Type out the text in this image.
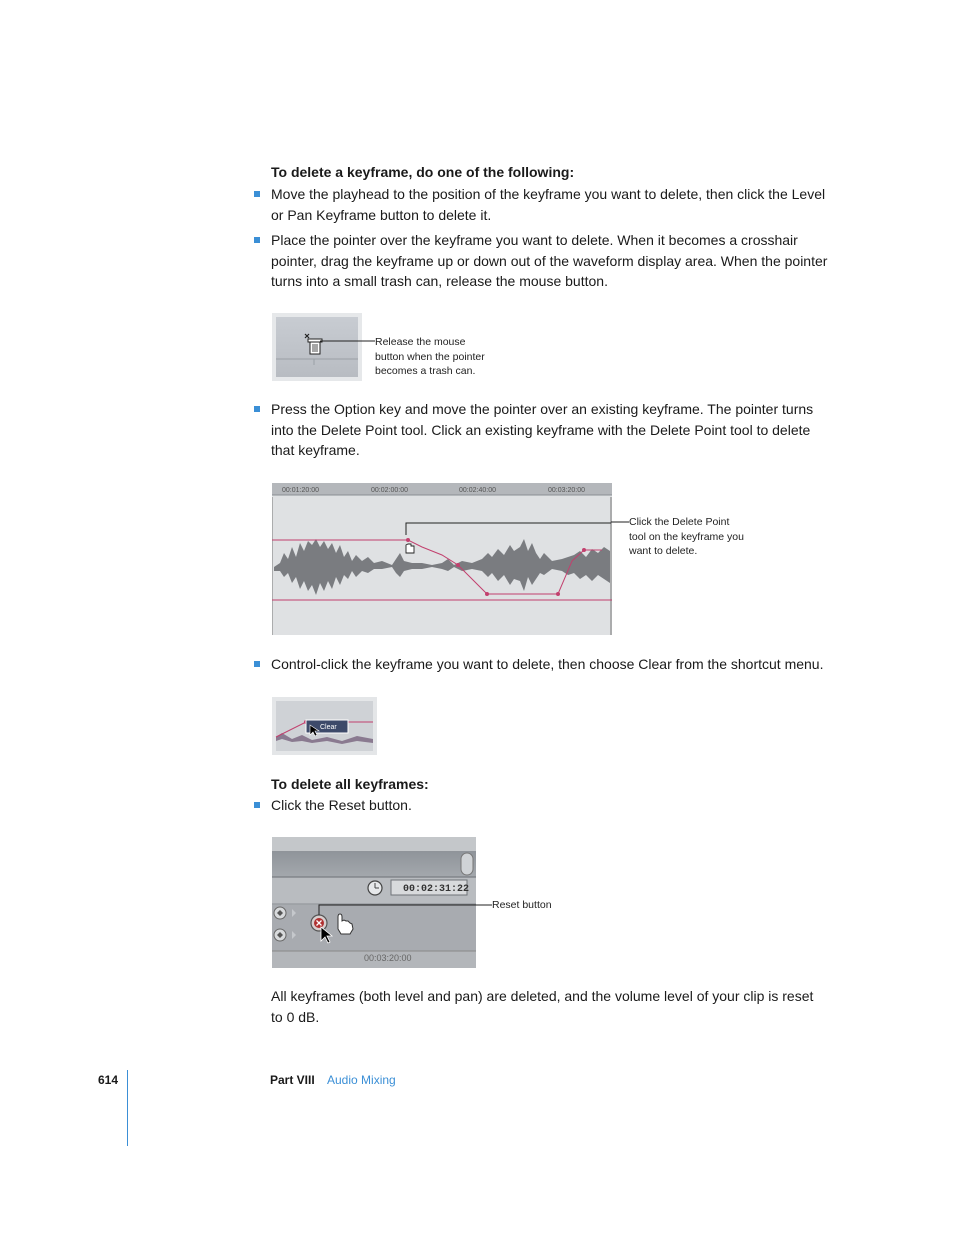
To delete a keyframe, do one of the following:
Move the playhead to the position of the keyframe you want to delete, then click the Level or Pan Keyframe button to delete it.
Place the pointer over the keyframe you want to delete. When it becomes a crosshair pointer, drag the keyframe up or down out of the waveform display area. When the pointer turns into a small trash can, release the mouse button.
Release the mouse
button when the pointer
becomes a trash can.
Press the Option key and move the pointer over an existing keyframe. The pointer turns into the Delete Point tool. Click an existing keyframe with the Delete Point tool to delete that keyframe.
00:01:20:00	00:02:00:00	00:02:40:00	00:03:20:00
Click the Delete Point
tool on the keyframe you
want to delete.
Control-click the keyframe you want to delete, then choose Clear from the shortcut menu.
Clear
To delete all keyframes:
Click the Reset button.
00:02:31:22
00:03:20:00
Reset button
All keyframes (both level and pan) are deleted, and the volume level of your clip is reset to 0 dB.
614	Part VIII Audio Mixing
